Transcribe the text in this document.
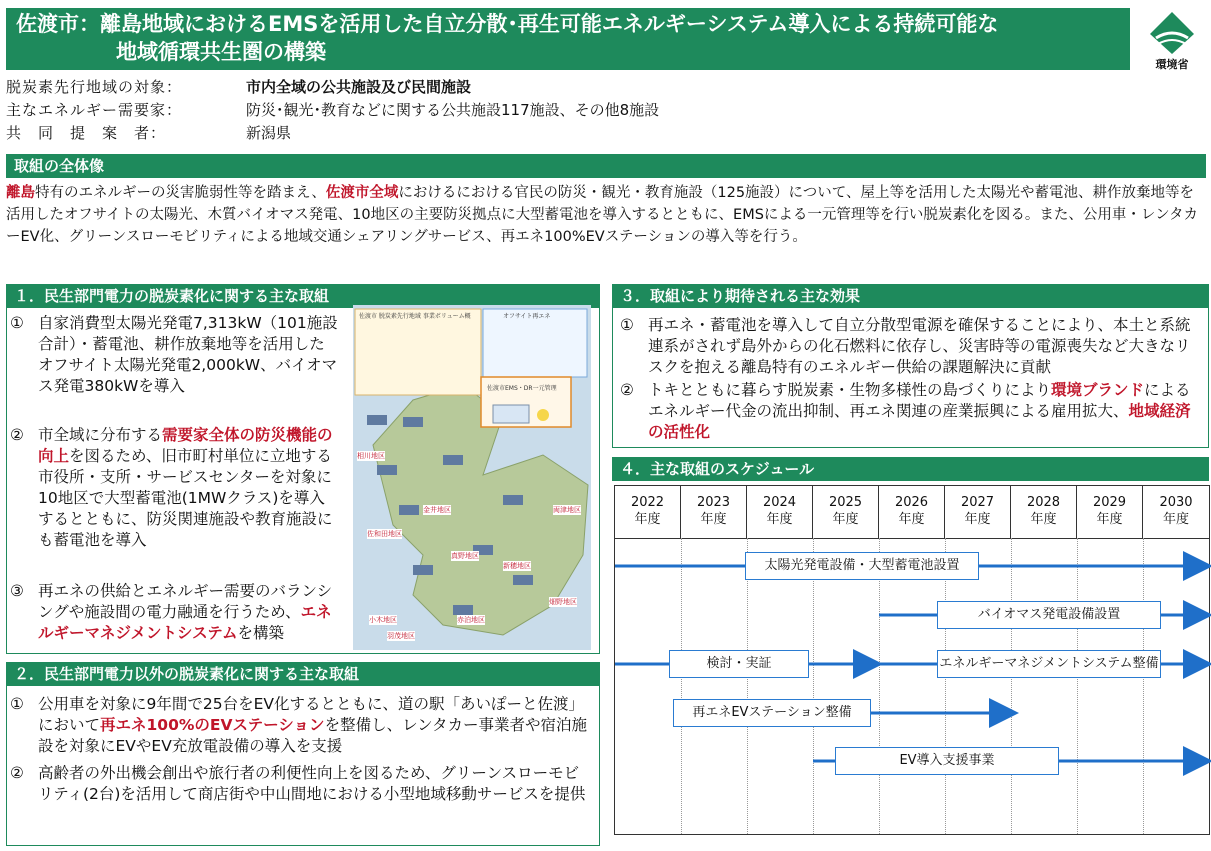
佐渡市：離島地域におけるEMSを活用した自立分散･再生可能エネルギーシステム導入による持続可能な
地域循環共生圏の構築
環境省
脱炭素先行地域の対象：	市内全域の公共施設及び民間施設
主なエネルギー需要家：	防災･観光･教育などに関する公共施設117施設、その他8施設
共　同　提　案　者：	新潟県
取組の全体像
離島特有のエネルギーの災害脆弱性等を踏まえ、佐渡市全域におけるにおける官民の防災・観光・教育施設（125施設）について、屋上等を活用した太陽光や蓄電池、耕作放棄地等を活用したオフサイトの太陽光、木質バイオマス発電、10地区の主要防災拠点に大型蓄電池を導入するとともに、EMSによる一元管理等を行い脱炭素化を図る。また、公用車・レンタカーEV化、グリーンスローモビリティによる地域交通シェアリングサービス、再エネ100%EVステーションの導入等を行う。
１．民生部門電力の脱炭素化に関する主な取組
① 自家消費型太陽光発電7,313kW（101施設合計）・蓄電池、耕作放棄地等を活用したオフサイト太陽光発電2,000kW、バイオマス発電380kWを導入
② 市全域に分布する需要家全体の防災機能の向上を図るため、旧市町村単位に立地する市役所・支所・サービスセンターを対象に10地区で大型蓄電池(1MWクラス)を導入するとともに、防災関連施設や教育施設にも蓄電池を導入
③ 再エネの供給とエネルギー需要のバランシングや施設間の電力融通を行うため、エネルギーマネジメントシステムを構築
佐渡市 脱炭素先行地域 事業ボリューム概	オフサイト再エネ
佐渡市EMS・DR一元管理
相川地区
佐和田地区
金井地区	両津地区
真野地区
新穂地区
小木地区	赤泊地区
羽茂地区
畑野地区
２．民生部門電力以外の脱炭素化に関する主な取組
① 公用車を対象に9年間で25台をEV化するとともに、道の駅「あいぽーと佐渡」において再エネ100%のEVステーションを整備し、レンタカー事業者や宿泊施設を対象にEVやEV充放電設備の導入を支援
② 高齢者の外出機会創出や旅行者の利便性向上を図るため、グリーンスローモビリティ(2台)を活用して商店街や中山間地における小型地域移動サービスを提供
３．取組により期待される主な効果
① 再エネ・蓄電池を導入して自立分散型電源を確保することにより、本土と系統連系がされず島外からの化石燃料に依存し、災害時等の電源喪失など大きなリスクを抱える離島特有のエネルギー供給の課題解決に貢献
② トキとともに暮らす脱炭素・生物多様性の島づくりにより環境ブランドによるエネルギー代金の流出抑制、再エネ関連の産業振興による雇用拡大、地域経済の活性化
４．主な取組のスケジュール
2022
年度
2023
年度
2024
年度
2025
年度
2026
年度
2027
年度
2028
年度
2029
年度
2030
年度
太陽光発電設備・大型蓄電池設置
バイオマス発電設備設置
検討・実証	エネルギーマネジメントシステム整備
再エネEVステーション整備
EV導入支援事業
